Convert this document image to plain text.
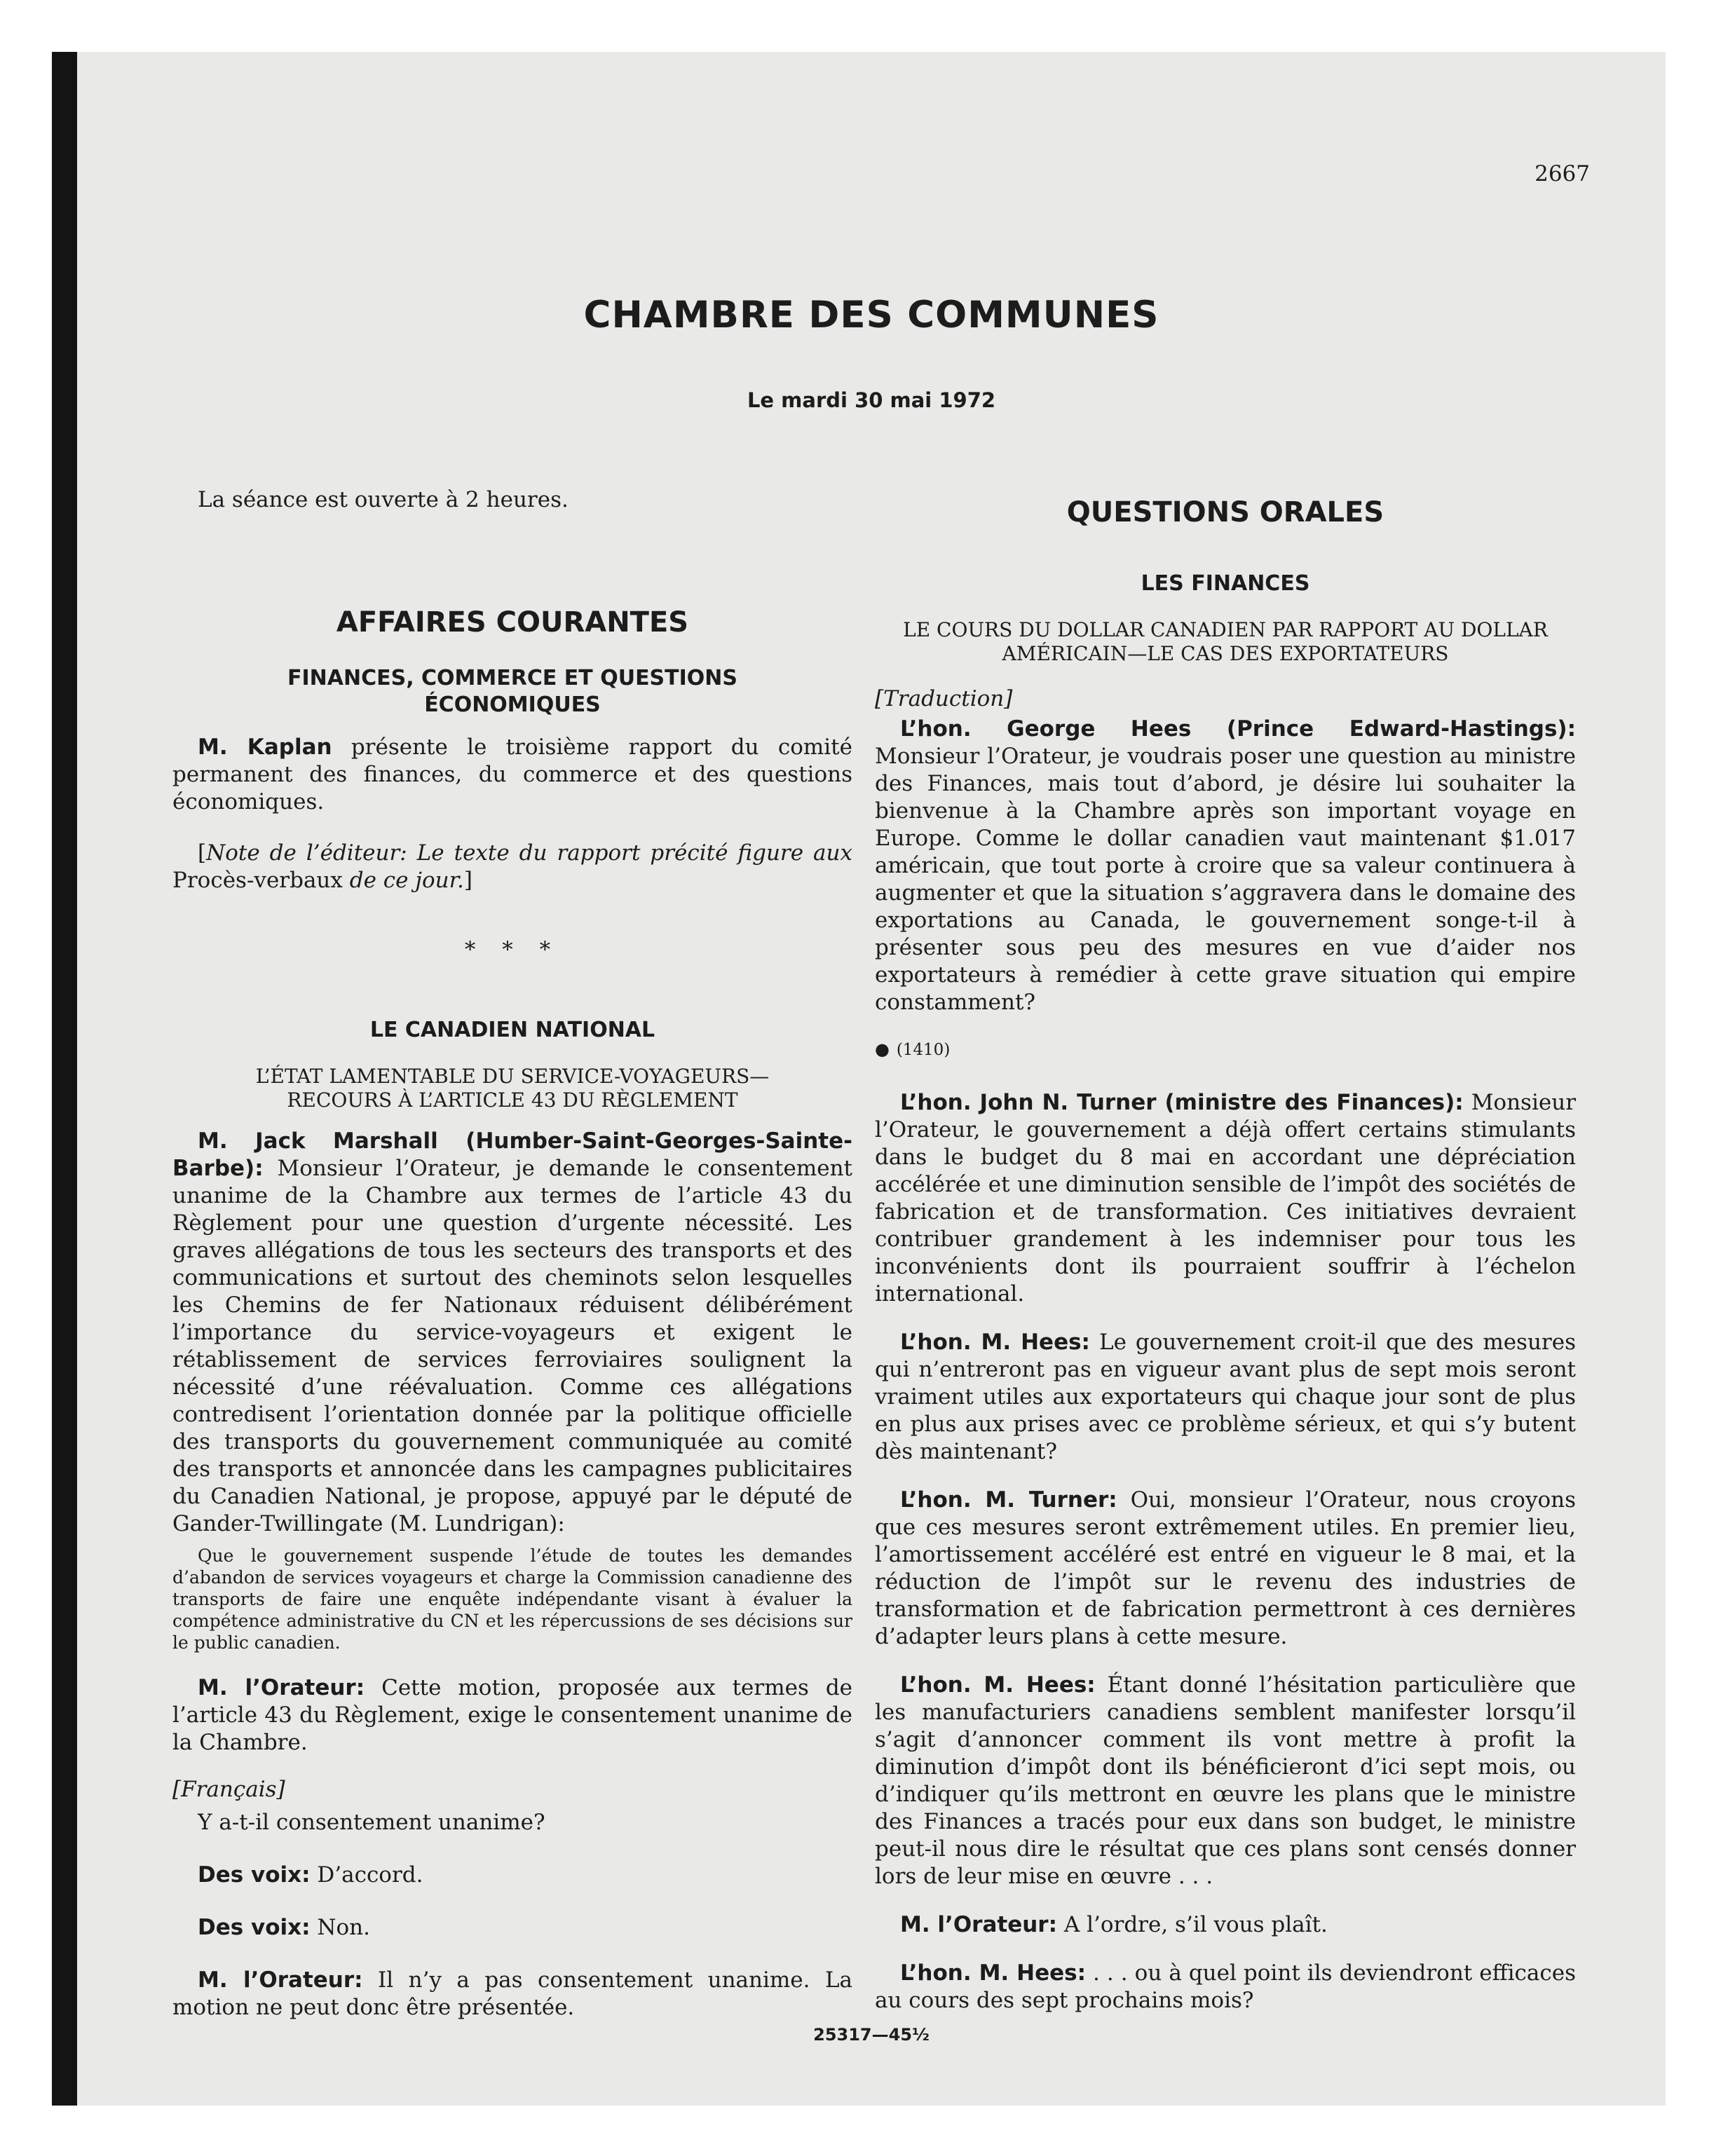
2667
CHAMBRE DES COMMUNES
Le mardi 30 mai 1972

La séance est ouverte à 2 heures.

AFFAIRES COURANTES

FINANCES, COMMERCE ET QUESTIONS ÉCONOMIQUES

M. Kaplan présente le troisième rapport du comité permanent des finances, du commerce et des questions économiques.

[Note de l’éditeur: Le texte du rapport précité figure aux Procès-verbaux de ce jour.]

* * *

LE CANADIEN NATIONAL

L’ÉTAT LAMENTABLE DU SERVICE-VOYAGEURS—RECOURS À L’ARTICLE 43 DU RÈGLEMENT

M. Jack Marshall (Humber-Saint-Georges-Sainte-Barbe): Monsieur l’Orateur, je demande le consentement unanime de la Chambre aux termes de l’article 43 du Règlement pour une question d’urgente nécessité. Les graves allégations de tous les secteurs des transports et des communications et surtout des cheminots selon lesquelles les Chemins de fer Nationaux réduisent délibérément l’importance du service-voyageurs et exigent le rétablissement de services ferroviaires soulignent la nécessité d’une réévaluation. Comme ces allégations contredisent l’orientation donnée par la politique officielle des transports du gouvernement communiquée au comité des transports et annoncée dans les campagnes publicitaires du Canadien National, je propose, appuyé par le député de Gander-Twillingate (M. Lundrigan):

Que le gouvernement suspende l’étude de toutes les demandes d’abandon de services voyageurs et charge la Commission canadienne des transports de faire une enquête indépendante visant à évaluer la compétence administrative du CN et les répercussions de ses décisions sur le public canadien.

M. l’Orateur: Cette motion, proposée aux termes de l’article 43 du Règlement, exige le consentement unanime de la Chambre.

[Français]

Y a-t-il consentement unanime?

Des voix: D’accord.

Des voix: Non.

M. l’Orateur: Il n’y a pas consentement unanime. La motion ne peut donc être présentée.

QUESTIONS ORALES

LES FINANCES

LE COURS DU DOLLAR CANADIEN PAR RAPPORT AU DOLLAR AMÉRICAIN—LE CAS DES EXPORTATEURS

[Traduction]

L’hon. George Hees (Prince Edward-Hastings): Monsieur l’Orateur, je voudrais poser une question au ministre des Finances, mais tout d’abord, je désire lui souhaiter la bienvenue à la Chambre après son important voyage en Europe. Comme le dollar canadien vaut maintenant $1.017 américain, que tout porte à croire que sa valeur continuera à augmenter et que la situation s’aggravera dans le domaine des exportations au Canada, le gouvernement songe-t-il à présenter sous peu des mesures en vue d’aider nos exportateurs à remédier à cette grave situation qui empire constamment?

● (1410)

L’hon. John N. Turner (ministre des Finances): Monsieur l’Orateur, le gouvernement a déjà offert certains stimulants dans le budget du 8 mai en accordant une dépréciation accélérée et une diminution sensible de l’impôt des sociétés de fabrication et de transformation. Ces initiatives devraient contribuer grandement à les indemniser pour tous les inconvénients dont ils pourraient souffrir à l’échelon international.

L’hon. M. Hees: Le gouvernement croit-il que des mesures qui n’entreront pas en vigueur avant plus de sept mois seront vraiment utiles aux exportateurs qui chaque jour sont de plus en plus aux prises avec ce problème sérieux, et qui s’y butent dès maintenant?

L’hon. M. Turner: Oui, monsieur l’Orateur, nous croyons que ces mesures seront extrêmement utiles. En premier lieu, l’amortissement accéléré est entré en vigueur le 8 mai, et la réduction de l’impôt sur le revenu des industries de transformation et de fabrication permettront à ces dernières d’adapter leurs plans à cette mesure.

L’hon. M. Hees: Étant donné l’hésitation particulière que les manufacturiers canadiens semblent manifester lorsqu’il s’agit d’annoncer comment ils vont mettre à profit la diminution d’impôt dont ils bénéficieront d’ici sept mois, ou d’indiquer qu’ils mettront en œuvre les plans que le ministre des Finances a tracés pour eux dans son budget, le ministre peut-il nous dire le résultat que ces plans sont censés donner lors de leur mise en œuvre . . .

M. l’Orateur: A l’ordre, s’il vous plaît.

L’hon. M. Hees: . . . ou à quel point ils deviendront efficaces au cours des sept prochains mois?

25317—45½
